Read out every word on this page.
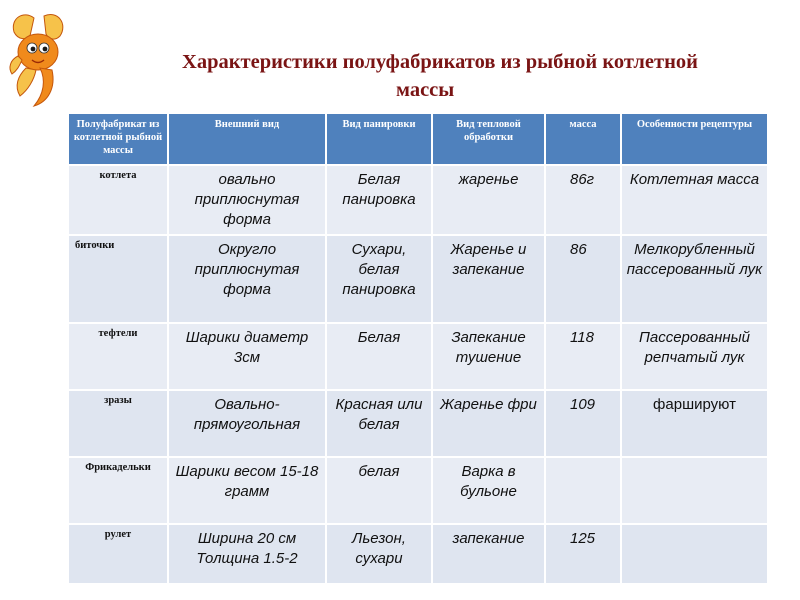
Характеристики полуфабрикатов из рыбной котлетной
массы
Полуфабрикат из котлетной рыбной массы	Внешний вид	Вид панировки	Вид тепловой обработки	масса	Особенности рецептуры
котлета	овально приплюснутая форма	Белая панировка	жаренье	86г	Котлетная масса
биточки	Округло приплюснутая форма	Сухари, белая панировка	Жаренье и запекание	86	Мелкорубленный пассерованный лук
тефтели	Шарики диаметр 3см	Белая	Запекание тушение	118	Пассерованный репчатый лук
зразы	Овально-прямоугольная	Красная или белая	Жаренье фри	109	фаршируют
Фрикадельки	Шарики весом 15-18 грамм	белая	Варка в бульоне		
рулет	Ширина 20 см Толщина 1.5-2	Льезон, сухари	запекание	125	
